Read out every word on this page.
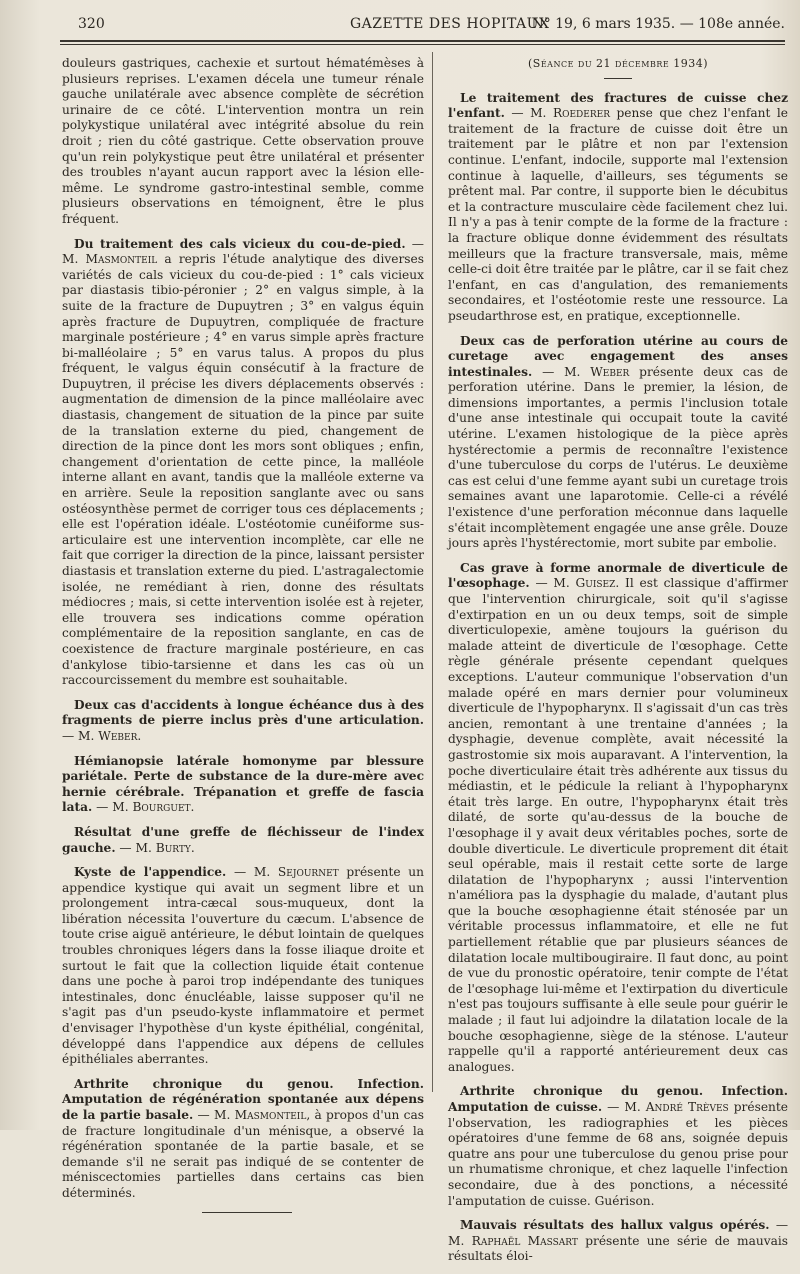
320	GAZETTE DES HOPITAUX
N° 19, 6 mars 1935. — 108e année.

douleurs gastriques, cachexie et surtout hématémèses à plusieurs reprises. L'examen décela une tumeur rénale gauche unilatérale avec absence complète de sécrétion urinaire de ce côté. L'intervention montra un rein polykystique unilatéral avec intégrité absolue du rein droit ; rien du côté gastrique. Cette observation prouve qu'un rein polykystique peut être unilatéral et présenter des troubles n'ayant aucun rapport avec la lésion elle-même. Le syndrome gastro-intestinal semble, comme plusieurs observations en témoignent, être le plus fréquent.

Du traitement des cals vicieux du cou-de-pied. — M. Masmonteil a repris l'étude analytique des diverses variétés de cals vicieux du cou-de-pied : 1° cals vicieux par diastasis tibio-péronier ; 2° en valgus simple, à la suite de la fracture de Dupuytren ; 3° en valgus équin après fracture de Dupuytren, compliquée de fracture marginale postérieure ; 4° en varus simple après fracture bi-malléolaire ; 5° en varus talus. A propos du plus fréquent, le valgus équin consécutif à la fracture de Dupuytren, il précise les divers déplacements observés : augmentation de dimension de la pince malléolaire avec diastasis, changement de situation de la pince par suite de la translation externe du pied, changement de direction de la pince dont les mors sont obliques ; enfin, changement d'orientation de cette pince, la malléole interne allant en avant, tandis que la malléole externe va en arrière. Seule la reposition sanglante avec ou sans ostéosynthèse permet de corriger tous ces déplacements ; elle est l'opération idéale. L'ostéotomie cunéiforme sus-articulaire est une intervention incomplète, car elle ne fait que corriger la direction de la pince, laissant persister diastasis et translation externe du pied. L'astragalectomie isolée, ne remédiant à rien, donne des résultats médiocres ; mais, si cette intervention isolée est à rejeter, elle trouvera ses indications comme opération complémentaire de la reposition sanglante, en cas de coexistence de fracture marginale postérieure, en cas d'ankylose tibio-tarsienne et dans les cas où un raccourcissement du membre est souhaitable.

Deux cas d'accidents à longue échéance dus à des fragments de pierre inclus près d'une articulation. — M. Weber.

Hémianopsie latérale homonyme par blessure pariétale. Perte de substance de la dure-mère avec hernie cérébrale. Trépanation et greffe de fascia lata. — M. Bourguet.

Résultat d'une greffe de fléchisseur de l'index gauche. — M. Burty.

Kyste de l'appendice. — M. Sejournet présente un appendice kystique qui avait un segment libre et un prolongement intra-cæcal sous-muqueux, dont la libération nécessita l'ouverture du cæcum. L'absence de toute crise aiguë antérieure, le début lointain de quelques troubles chroniques légers dans la fosse iliaque droite et surtout le fait que la collection liquide était contenue dans une poche à paroi trop indépendante des tuniques intestinales, donc énucléable, laisse supposer qu'il ne s'agit pas d'un pseudo-kyste inflammatoire et permet d'envisager l'hypothèse d'un kyste épithélial, congénital, développé dans l'appendice aux dépens de cellules épithéliales aberrantes.

Arthrite chronique du genou. Infection. Amputation de régénération spontanée aux dépens de la partie basale. — M. Masmonteil, à propos d'un cas de fracture longitudinale d'un ménisque, a observé la régénération spontanée de la partie basale, et se demande s'il ne serait pas indiqué de se contenter de méniscectomies partielles dans certains cas bien déterminés.

(Séance du 21 décembre 1934)

Le traitement des fractures de cuisse chez l'enfant. — M. Roederer pense que chez l'enfant le traitement de la fracture de cuisse doit être un traitement par le plâtre et non par l'extension continue. L'enfant, indocile, supporte mal l'extension continue à laquelle, d'ailleurs, ses téguments se prêtent mal. Par contre, il supporte bien le décubitus et la contracture musculaire cède facilement chez lui. Il n'y a pas à tenir compte de la forme de la fracture : la fracture oblique donne évidemment des résultats meilleurs que la fracture transversale, mais, même celle-ci doit être traitée par le plâtre, car il se fait chez l'enfant, en cas d'angulation, des remaniements secondaires, et l'ostéotomie reste une ressource. La pseudarthrose est, en pratique, exceptionnelle.

Deux cas de perforation utérine au cours de curetage avec engagement des anses intestinales. — M. Weber présente deux cas de perforation utérine. Dans le premier, la lésion, de dimensions importantes, a permis l'inclusion totale d'une anse intestinale qui occupait toute la cavité utérine. L'examen histologique de la pièce après hystérectomie a permis de reconnaître l'existence d'une tuberculose du corps de l'utérus. Le deuxième cas est celui d'une femme ayant subi un curetage trois semaines avant une laparotomie. Celle-ci a révélé l'existence d'une perforation méconnue dans laquelle s'était incomplètement engagée une anse grêle. Douze jours après l'hystérectomie, mort subite par embolie.

Cas grave à forme anormale de diverticule de l'œsophage. — M. Guisez. Il est classique d'affirmer que l'intervention chirurgicale, soit qu'il s'agisse d'extirpation en un ou deux temps, soit de simple diverticulopexie, amène toujours la guérison du malade atteint de diverticule de l'œsophage. Cette règle générale présente cependant quelques exceptions. L'auteur communique l'observation d'un malade opéré en mars dernier pour volumineux diverticule de l'hypopharynx. Il s'agissait d'un cas très ancien, remontant à une trentaine d'années ; la dysphagie, devenue complète, avait nécessité la gastrostomie six mois auparavant. A l'intervention, la poche diverticulaire était très adhérente aux tissus du médiastin, et le pédicule la reliant à l'hypopharynx était très large. En outre, l'hypopharynx était très dilaté, de sorte qu'au-dessus de la bouche de l'œsophage il y avait deux véritables poches, sorte de double diverticule. Le diverticule proprement dit était seul opérable, mais il restait cette sorte de large dilatation de l'hypopharynx ; aussi l'intervention n'améliora pas la dysphagie du malade, d'autant plus que la bouche œsophagienne était sténosée par un véritable processus inflammatoire, et elle ne fut partiellement rétablie que par plusieurs séances de dilatation locale multibougiraire. Il faut donc, au point de vue du pronostic opératoire, tenir compte de l'état de l'œsophage lui-même et l'extirpation du diverticule n'est pas toujours suffisante à elle seule pour guérir le malade ; il faut lui adjoindre la dilatation locale de la bouche œsophagienne, siège de la sténose. L'auteur rappelle qu'il a rapporté antérieurement deux cas analogues.

Arthrite chronique du genou. Infection. Amputation de cuisse. — M. André Trèves présente l'observation, les radiographies et les pièces opératoires d'une femme de 68 ans, soignée depuis quatre ans pour une tuberculose du genou prise pour un rhumatisme chronique, et chez laquelle l'infection secondaire, due à des ponctions, a nécessité l'amputation de cuisse. Guérison.

Mauvais résultats des hallux valgus opérés. — M. Raphaël Massart présente une série de mauvais résultats éloi-
